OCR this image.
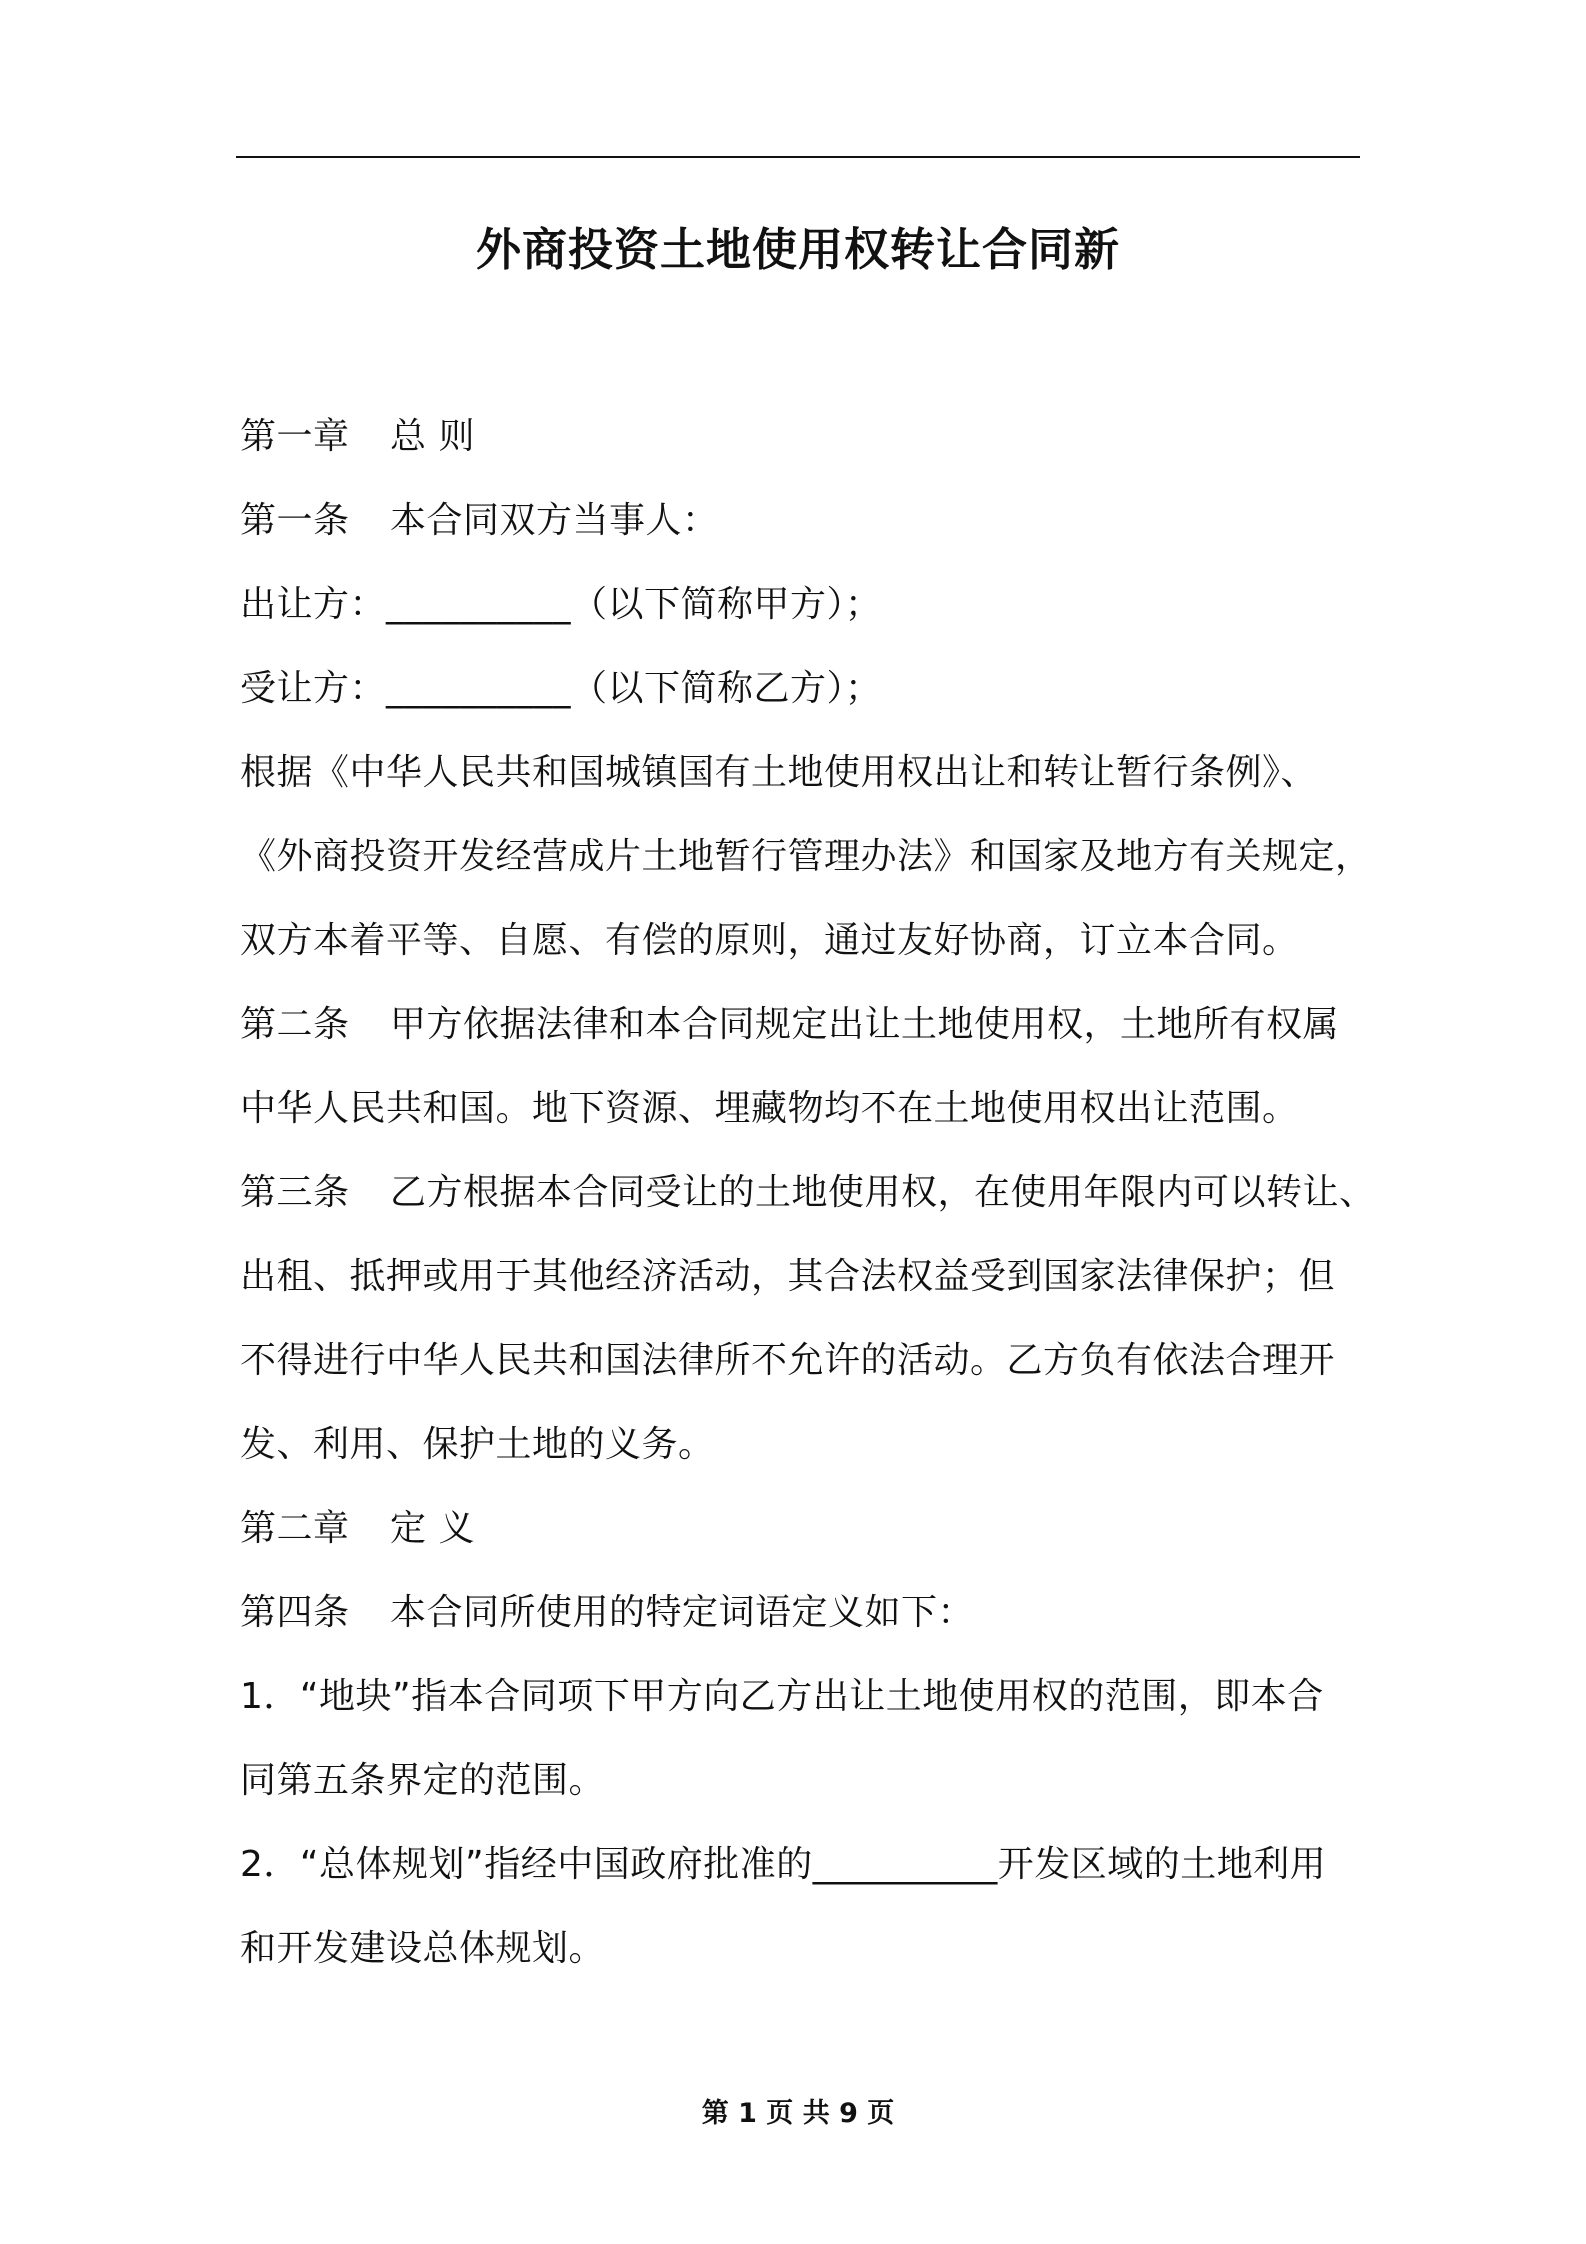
外商投资土地使用权转让合同新
第一章 总 则
第一条 本合同双方当事人：
出让方：__________（以下简称甲方）；
受让方：__________（以下简称乙方）；
根据《中华人民共和国城镇国有土地使用权出让和转让暂行条例》、
《外商投资开发经营成片土地暂行管理办法》和国家及地方有关规定，
双方本着平等、自愿、有偿的原则，通过友好协商，订立本合同。
第二条 甲方依据法律和本合同规定出让土地使用权，土地所有权属
中华人民共和国。地下资源、埋藏物均不在土地使用权出让范围。
第三条 乙方根据本合同受让的土地使用权，在使用年限内可以转让、
出租、抵押或用于其他经济活动，其合法权益受到国家法律保护；但
不得进行中华人民共和国法律所不允许的活动。乙方负有依法合理开
发、利用、保护土地的义务。
第二章 定 义
第四条 本合同所使用的特定词语定义如下：
1．“地块”指本合同项下甲方向乙方出让土地使用权的范围，即本合
同第五条界定的范围。
2．“总体规划”指经中国政府批准的__________开发区域的土地利用
和开发建设总体规划。
第 1 页 共 9 页
